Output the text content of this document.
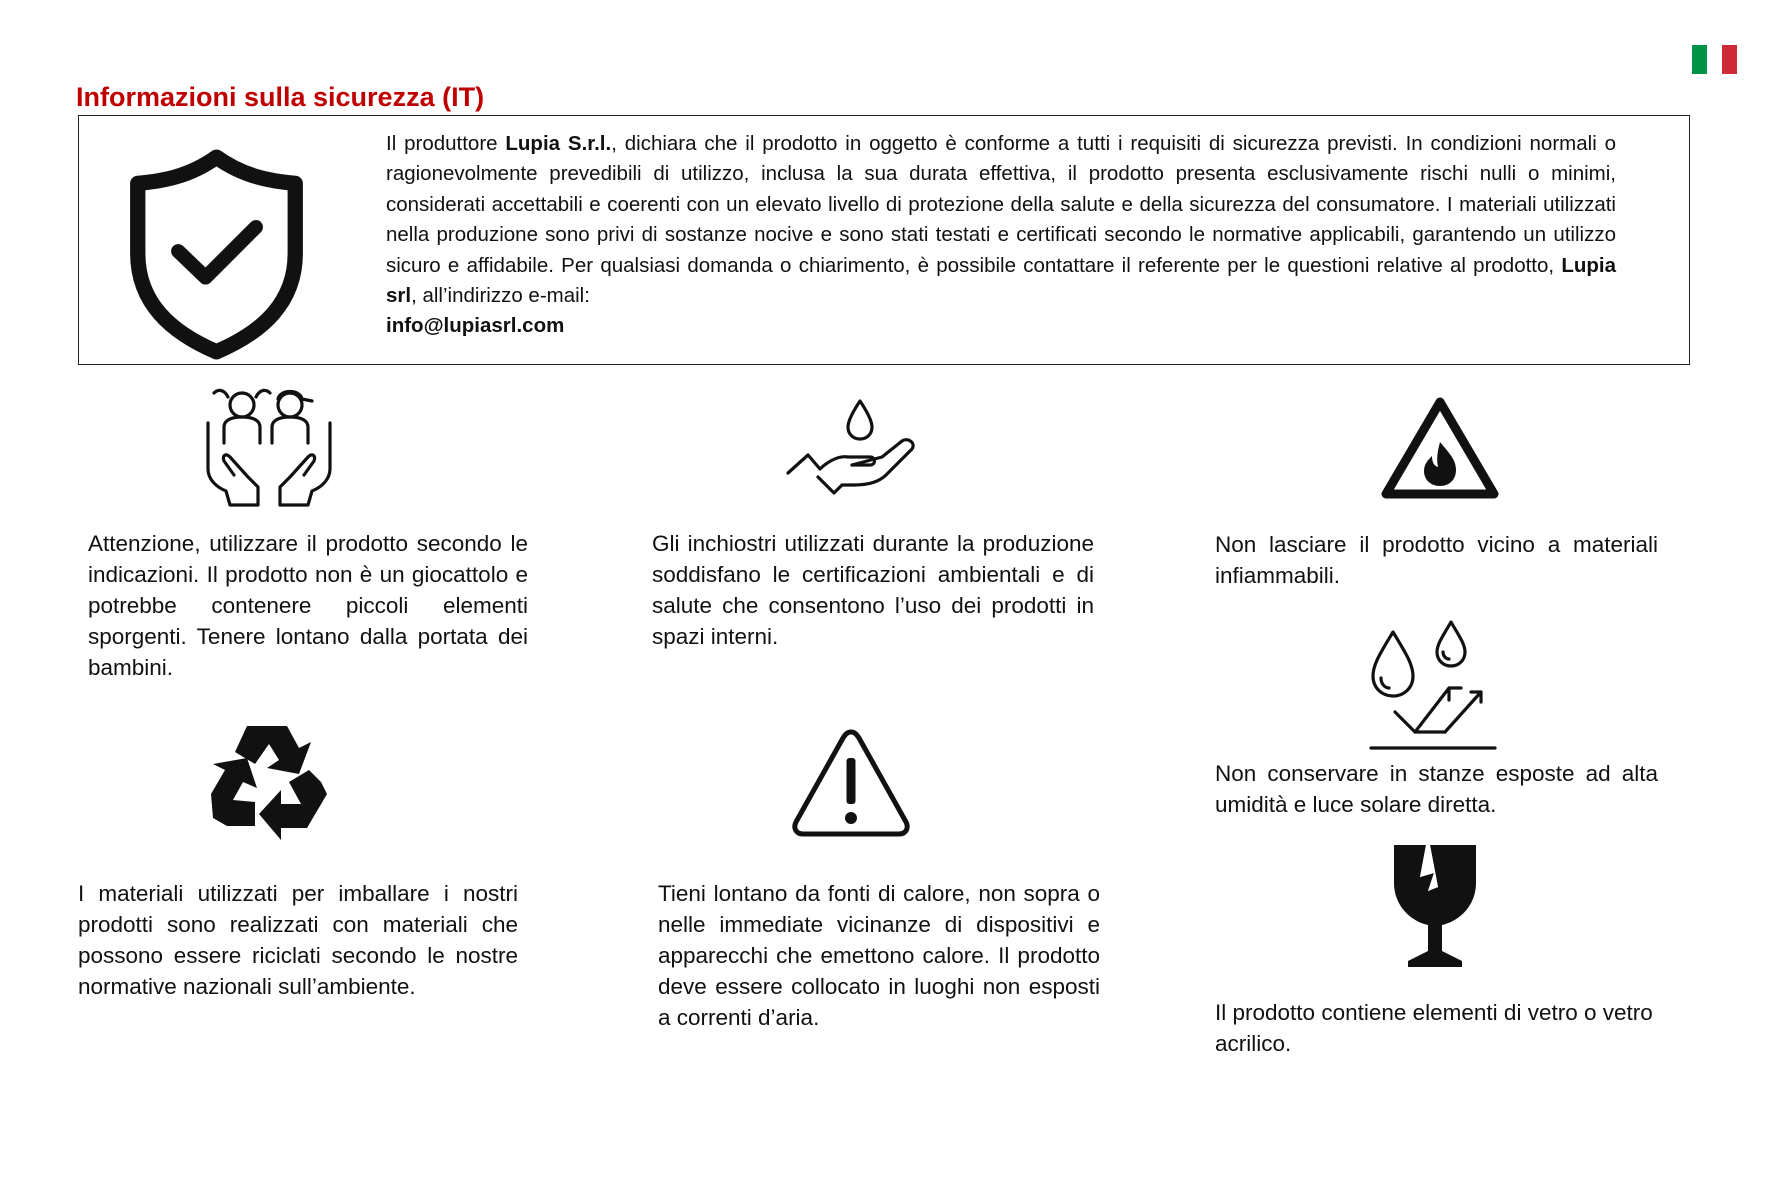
Informazioni sulla sicurezza (IT)

Il produttore Lupia S.r.l., dichiara che il prodotto in oggetto è conforme a tutti i requisiti di sicurezza previsti. In condizioni normali o ragionevolmente prevedibili di utilizzo, inclusa la sua durata effettiva, il prodotto presenta esclusivamente rischi nulli o minimi, considerati accettabili e coerenti con un elevato livello di protezione della salute e della sicurezza del consumatore. I materiali utilizzati nella produzione sono privi di sostanze nocive e sono stati testati e certificati secondo le normative applicabili, garantendo un utilizzo sicuro e affidabile. Per qualsiasi domanda o chiarimento, è possibile contattare il referente per le questioni relative al prodotto, Lupia srl, all’indirizzo e-mail:
info@lupiasrl.com

Attenzione, utilizzare il prodotto secondo le indicazioni. Il prodotto non è un giocattolo e potrebbe contenere piccoli elementi sporgenti. Tenere lontano dalla portata dei bambini.

Gli inchiostri utilizzati durante la produzione soddisfano le certificazioni ambientali e di salute che consentono l’uso dei prodotti in spazi interni.

Non lasciare il prodotto vicino a materiali infiammabili.

Non conservare in stanze esposte ad alta umidità e luce solare diretta.

I materiali utilizzati per imballare i nostri prodotti sono realizzati con materiali che possono essere riciclati secondo le nostre normative nazionali sull’ambiente.

Tieni lontano da fonti di calore, non sopra o nelle immediate vicinanze di dispositivi e apparecchi che emettono calore. Il prodotto deve essere collocato in luoghi non esposti a correnti d’aria.	Il prodotto contiene elementi di vetro o vetro acrilico.
